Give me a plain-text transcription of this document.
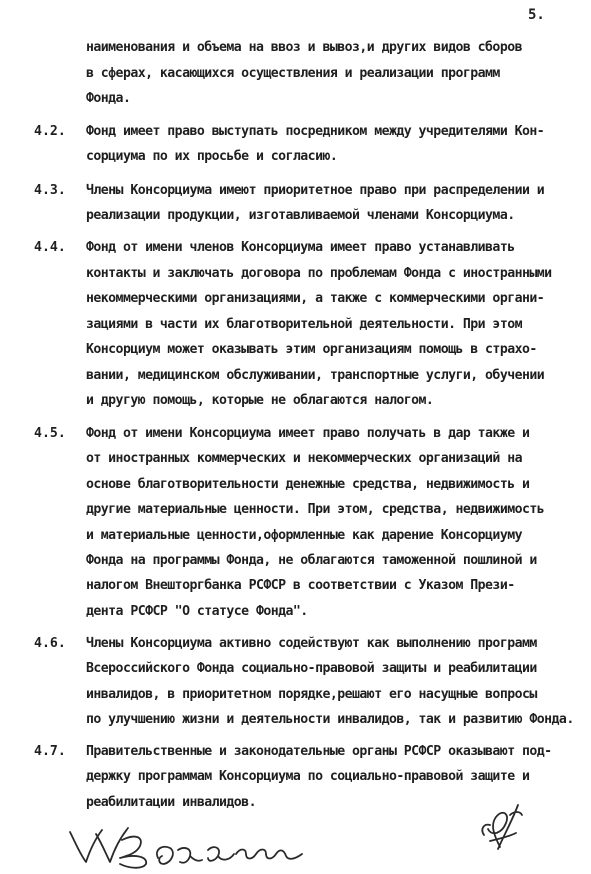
5.
наименования и объема на ввоз и вывоз,и других видов сборов
в сферах, касающихся осуществления и реализации программ
Фонда.
4.2. Фонд имеет право выступать посредником между учредителями Кон-
сорциума по их просьбе и согласию.
4.3. Члены Консорциума имеют приоритетное право при распределении и
реализации продукции, изготавливаемой членами Консорциума.
4.4. Фонд от имени членов Консорциума имеет право устанавливать
контакты и заключать договора по проблемам Фонда с иностранными
некоммерческими организациями, а также с коммерческими органи-
зациями в части их благотворительной деятельности. При этом
Консорциум может оказывать этим организациям помощь в страхо-
вании, медицинском обслуживании, транспортные услуги, обучении
и другую помощь, которые не облагаются налогом.
4.5. Фонд от имени Консорциума имеет право получать в дар также и
от иностранных коммерческих и некоммерческих организаций на
основе благотворительности денежные средства, недвижимость и
другие материальные ценности. При этом, средства, недвижимость
и материальные ценности,оформленные как дарение Консорциуму
Фонда на программы Фонда, не облагаются таможенной пошлиной и
налогом Внешторгбанка РСФСР в соответствии с Указом Прези-
дента РСФСР "О статусе Фонда".
4.6. Члены Консорциума активно содействуют как выполнению программ
Всероссийского Фонда социально-правовой защиты и реабилитации
инвалидов, в приоритетном порядке,решают его насущные вопросы
по улучшению жизни и деятельности инвалидов, так и развитию Фонда.
4.7. Правительственные и законодательные органы РСФСР оказывают под-
держку программам Консорциума по социально-правовой защите и
реабилитации инвалидов.
